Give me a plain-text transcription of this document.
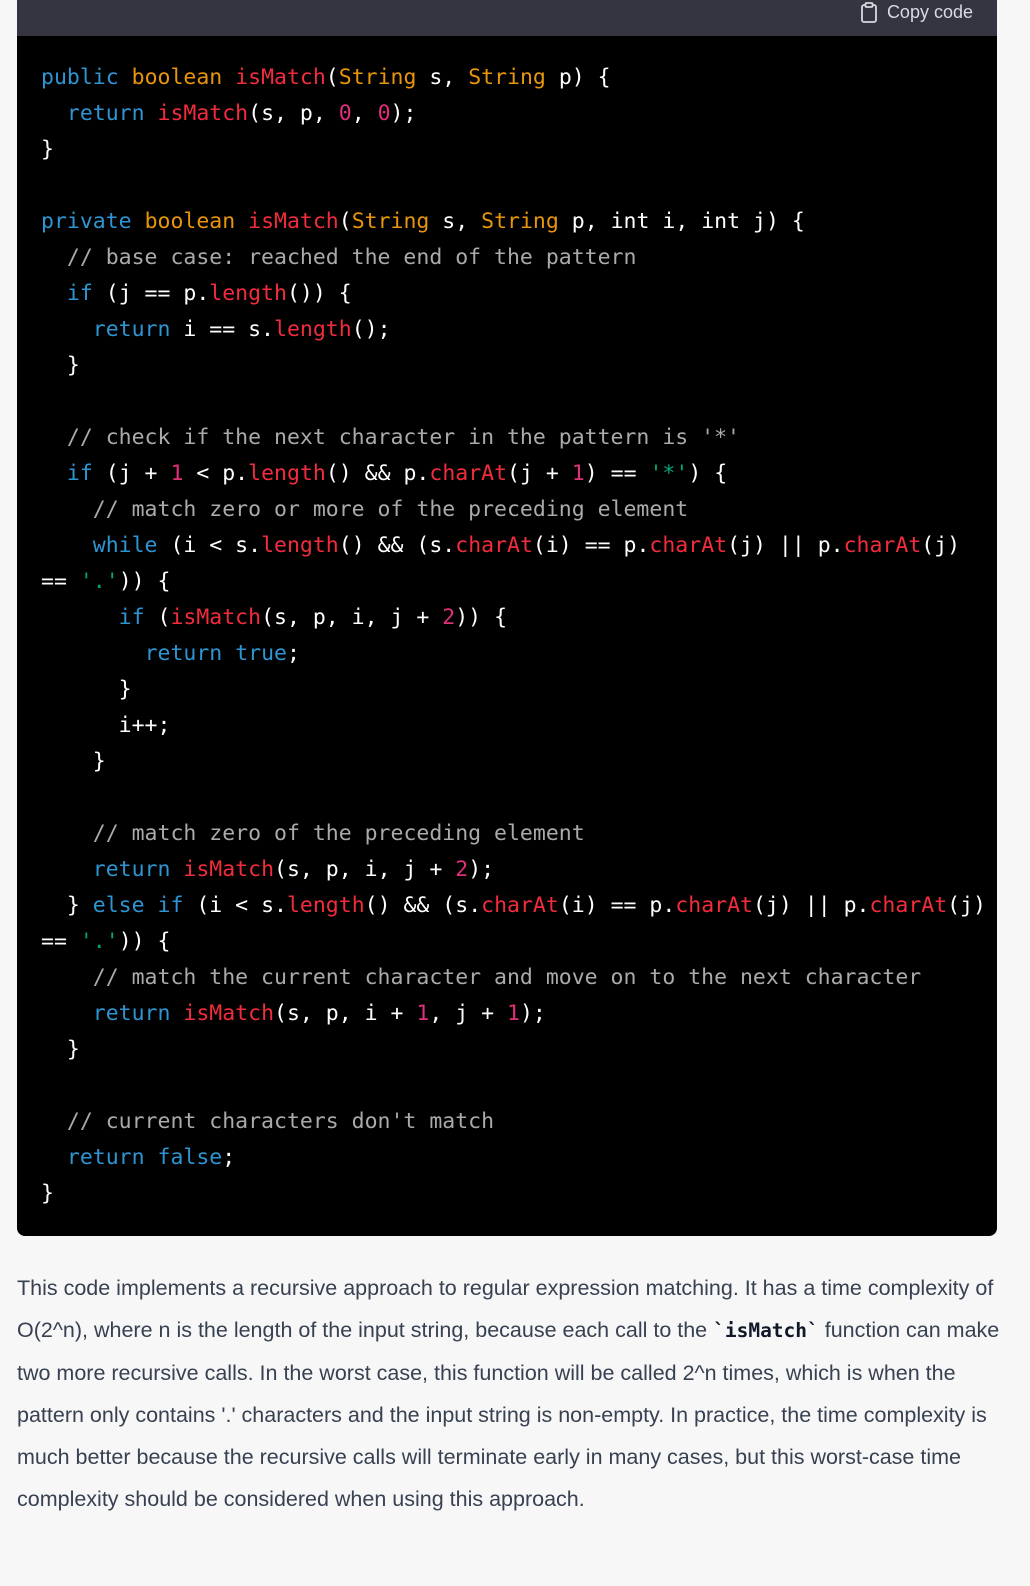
Copy code
public boolean isMatch(String s, String p) {
return isMatch(s, p, 0, 0);
}
private boolean isMatch(String s, String p, int i, int j) {
// base case: reached the end of the pattern
if (j == p.length()) {
return i == s.length();
}
// check if the next character in the pattern is '*'
if (j + 1 < p.length() && p.charAt(j + 1) == '*') {
// match zero or more of the preceding element
while (i < s.length() && (s.charAt(i) == p.charAt(j) || p.charAt(j)
== '.')) {
if (isMatch(s, p, i, j + 2)) {
return true;
}
i++;
}
// match zero of the preceding element
return isMatch(s, p, i, j + 2);
} else if (i < s.length() && (s.charAt(i) == p.charAt(j) || p.charAt(j)
== '.')) {
// match the current character and move on to the next character
return isMatch(s, p, i + 1, j + 1);
}
// current characters don't match
return false;
}

This code implements a recursive approach to regular expression matching. It has a time complexity of O(2^n), where n is the length of the input string, because each call to the `isMatch` function can make two more recursive calls. In the worst case, this function will be called 2^n times, which is when the pattern only contains '.' characters and the input string is non-empty. In practice, the time complexity is much better because the recursive calls will terminate early in many cases, but this worst-case time complexity should be considered when using this approach.
